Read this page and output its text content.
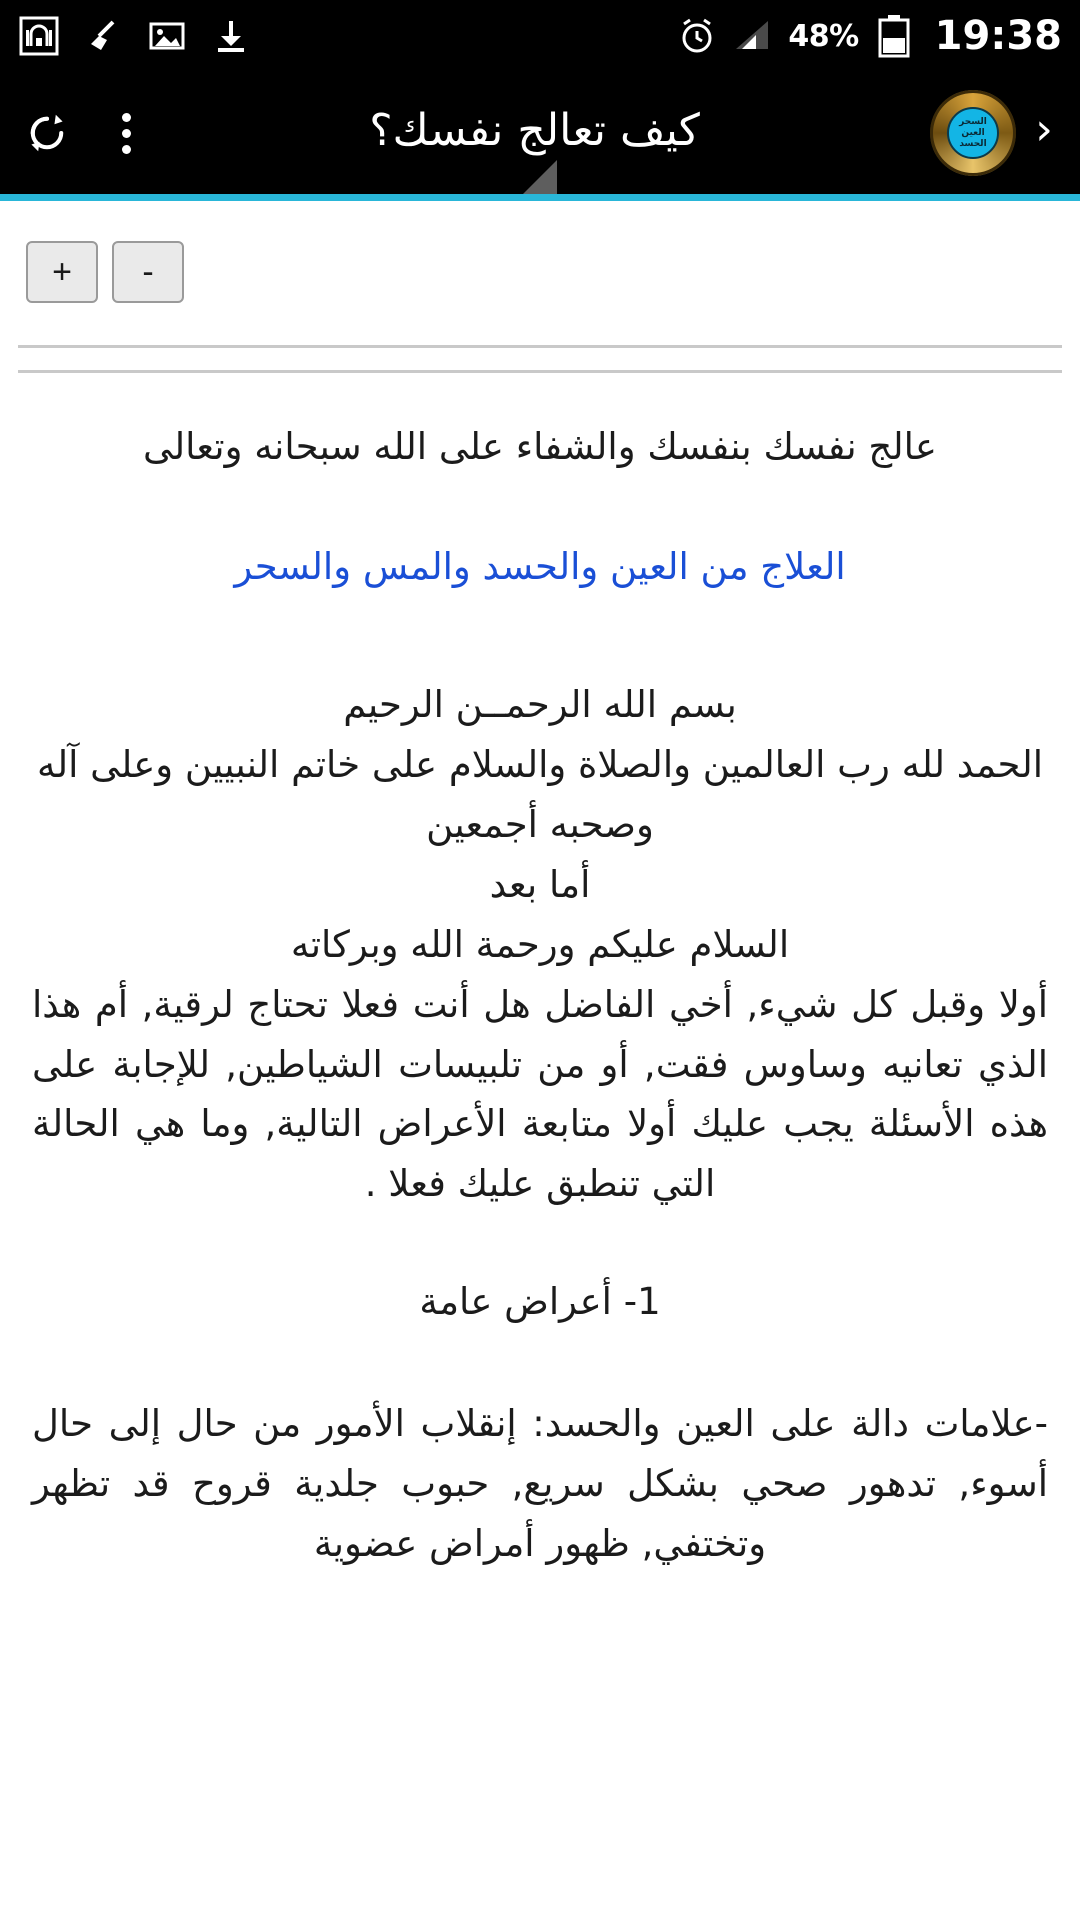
48% 19:38
‹
السحر
العين
الحسد
كيف تعالج نفسك؟
+	-
عالج نفسك بنفسك والشفاء على الله سبحانه وتعالى
العلاج من العين والحسد والمس والسحر

بسم الله الرحمــن الرحيم

الحمد لله رب العالمين والصلاة والسلام على خاتم النبيين وعلى آله وصحبه أجمعين

أما بعد

السلام عليكم ورحمة الله وبركاته

أولا وقبل كل شيء, أخي الفاضل هل أنت فعلا تحتاج لرقية, أم هذا الذي تعانيه وساوس فقت, أو من تلبيسات الشياطين, للإجابة على هذه الأسئلة يجب عليك أولا متابعة الأعراض التالية, وما هي الحالة التي تنطبق عليك فعلا .

1- أعراض عامة
-علامات دالة على العين والحسد: إنقلاب الأمور من حال إلى حال أسوء, تدهور صحي بشكل سريع, حبوب جلدية قروح قد تظهر وتختفي, ظهور أمراض عضوية
